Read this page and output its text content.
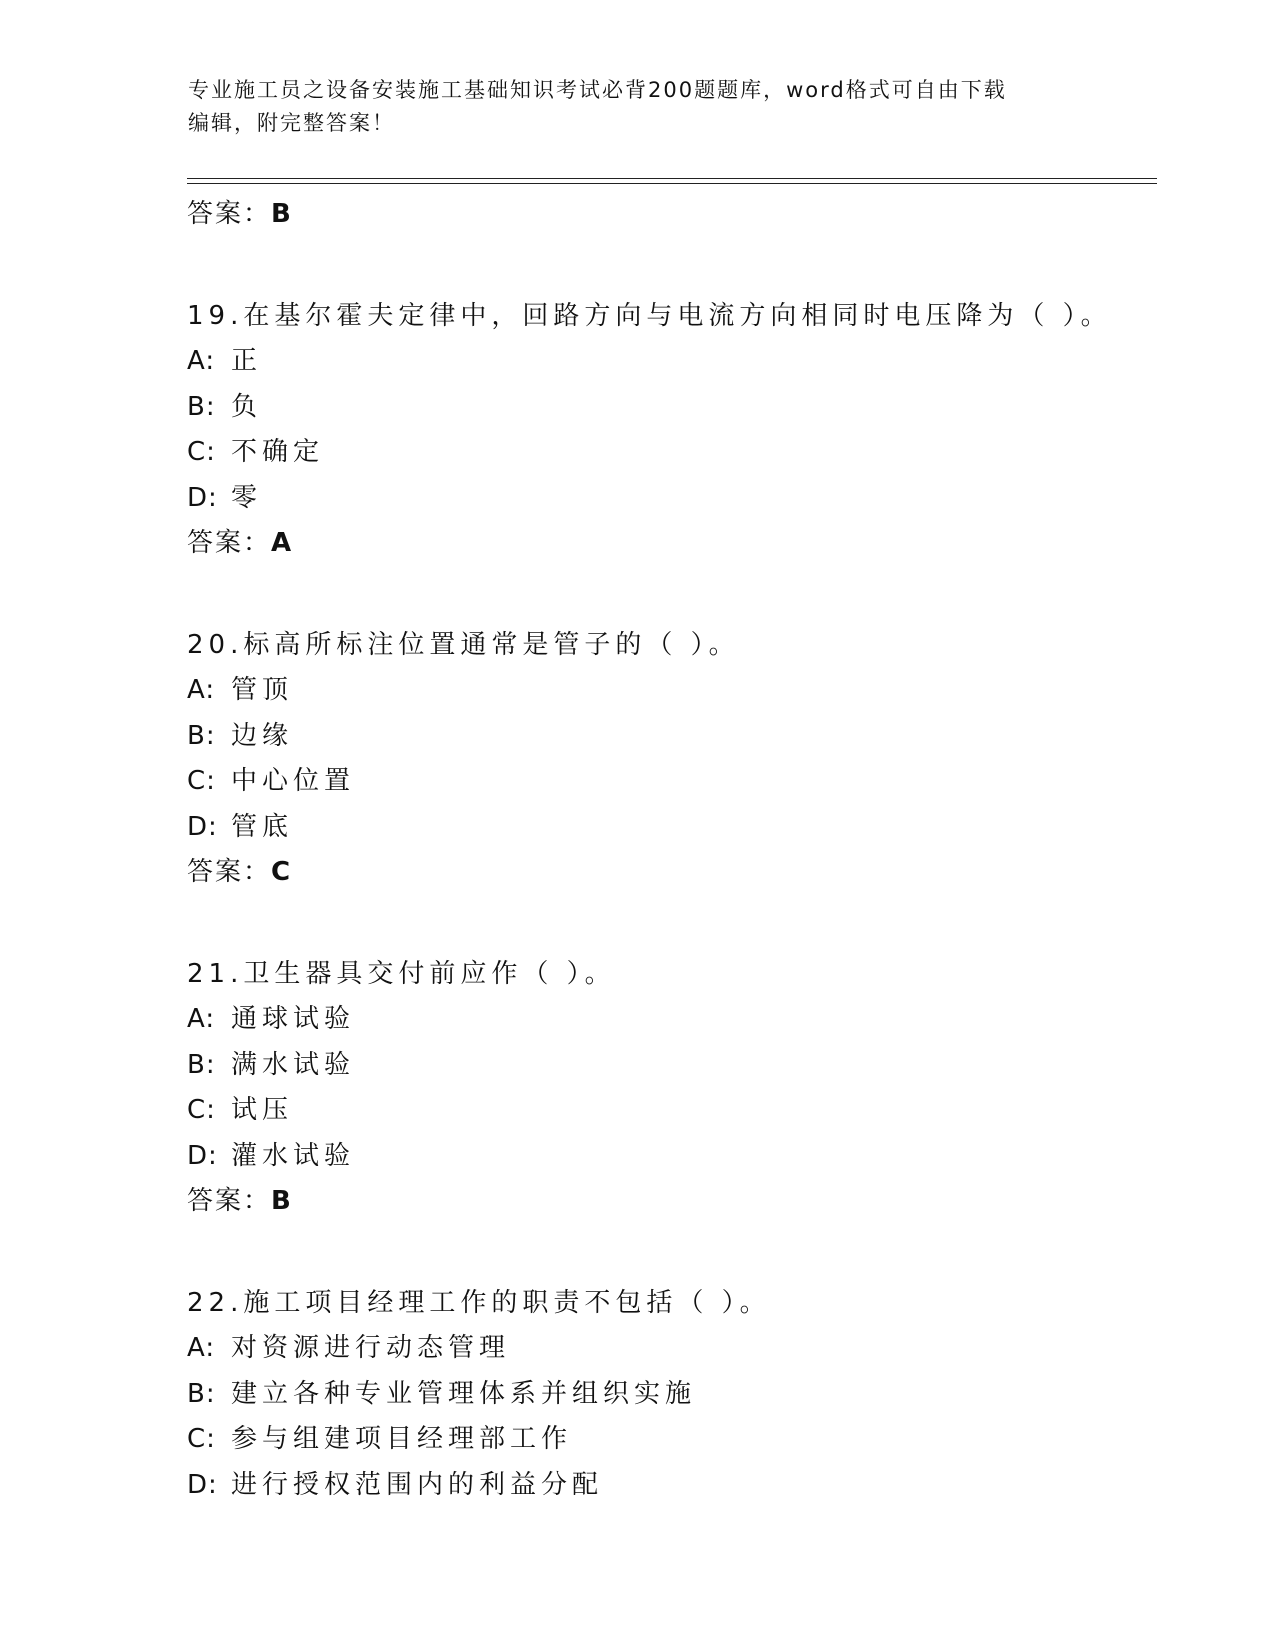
专业施工员之设备安装施工基础知识考试必背200题题库，word格式可自由下载
编辑，附完整答案！
答案：B
19.在基尔霍夫定律中，回路方向与电流方向相同时电压降为（ ）。
A: 正
B: 负
C: 不确定
D: 零
答案：A
20.标高所标注位置通常是管子的（ ）。
A: 管顶
B: 边缘
C: 中心位置
D: 管底
答案：C
21.卫生器具交付前应作（ ）。
A: 通球试验
B: 满水试验
C: 试压
D: 灌水试验
答案：B
22.施工项目经理工作的职责不包括（ ）。
A: 对资源进行动态管理
B: 建立各种专业管理体系并组织实施
C: 参与组建项目经理部工作
D: 进行授权范围内的利益分配
